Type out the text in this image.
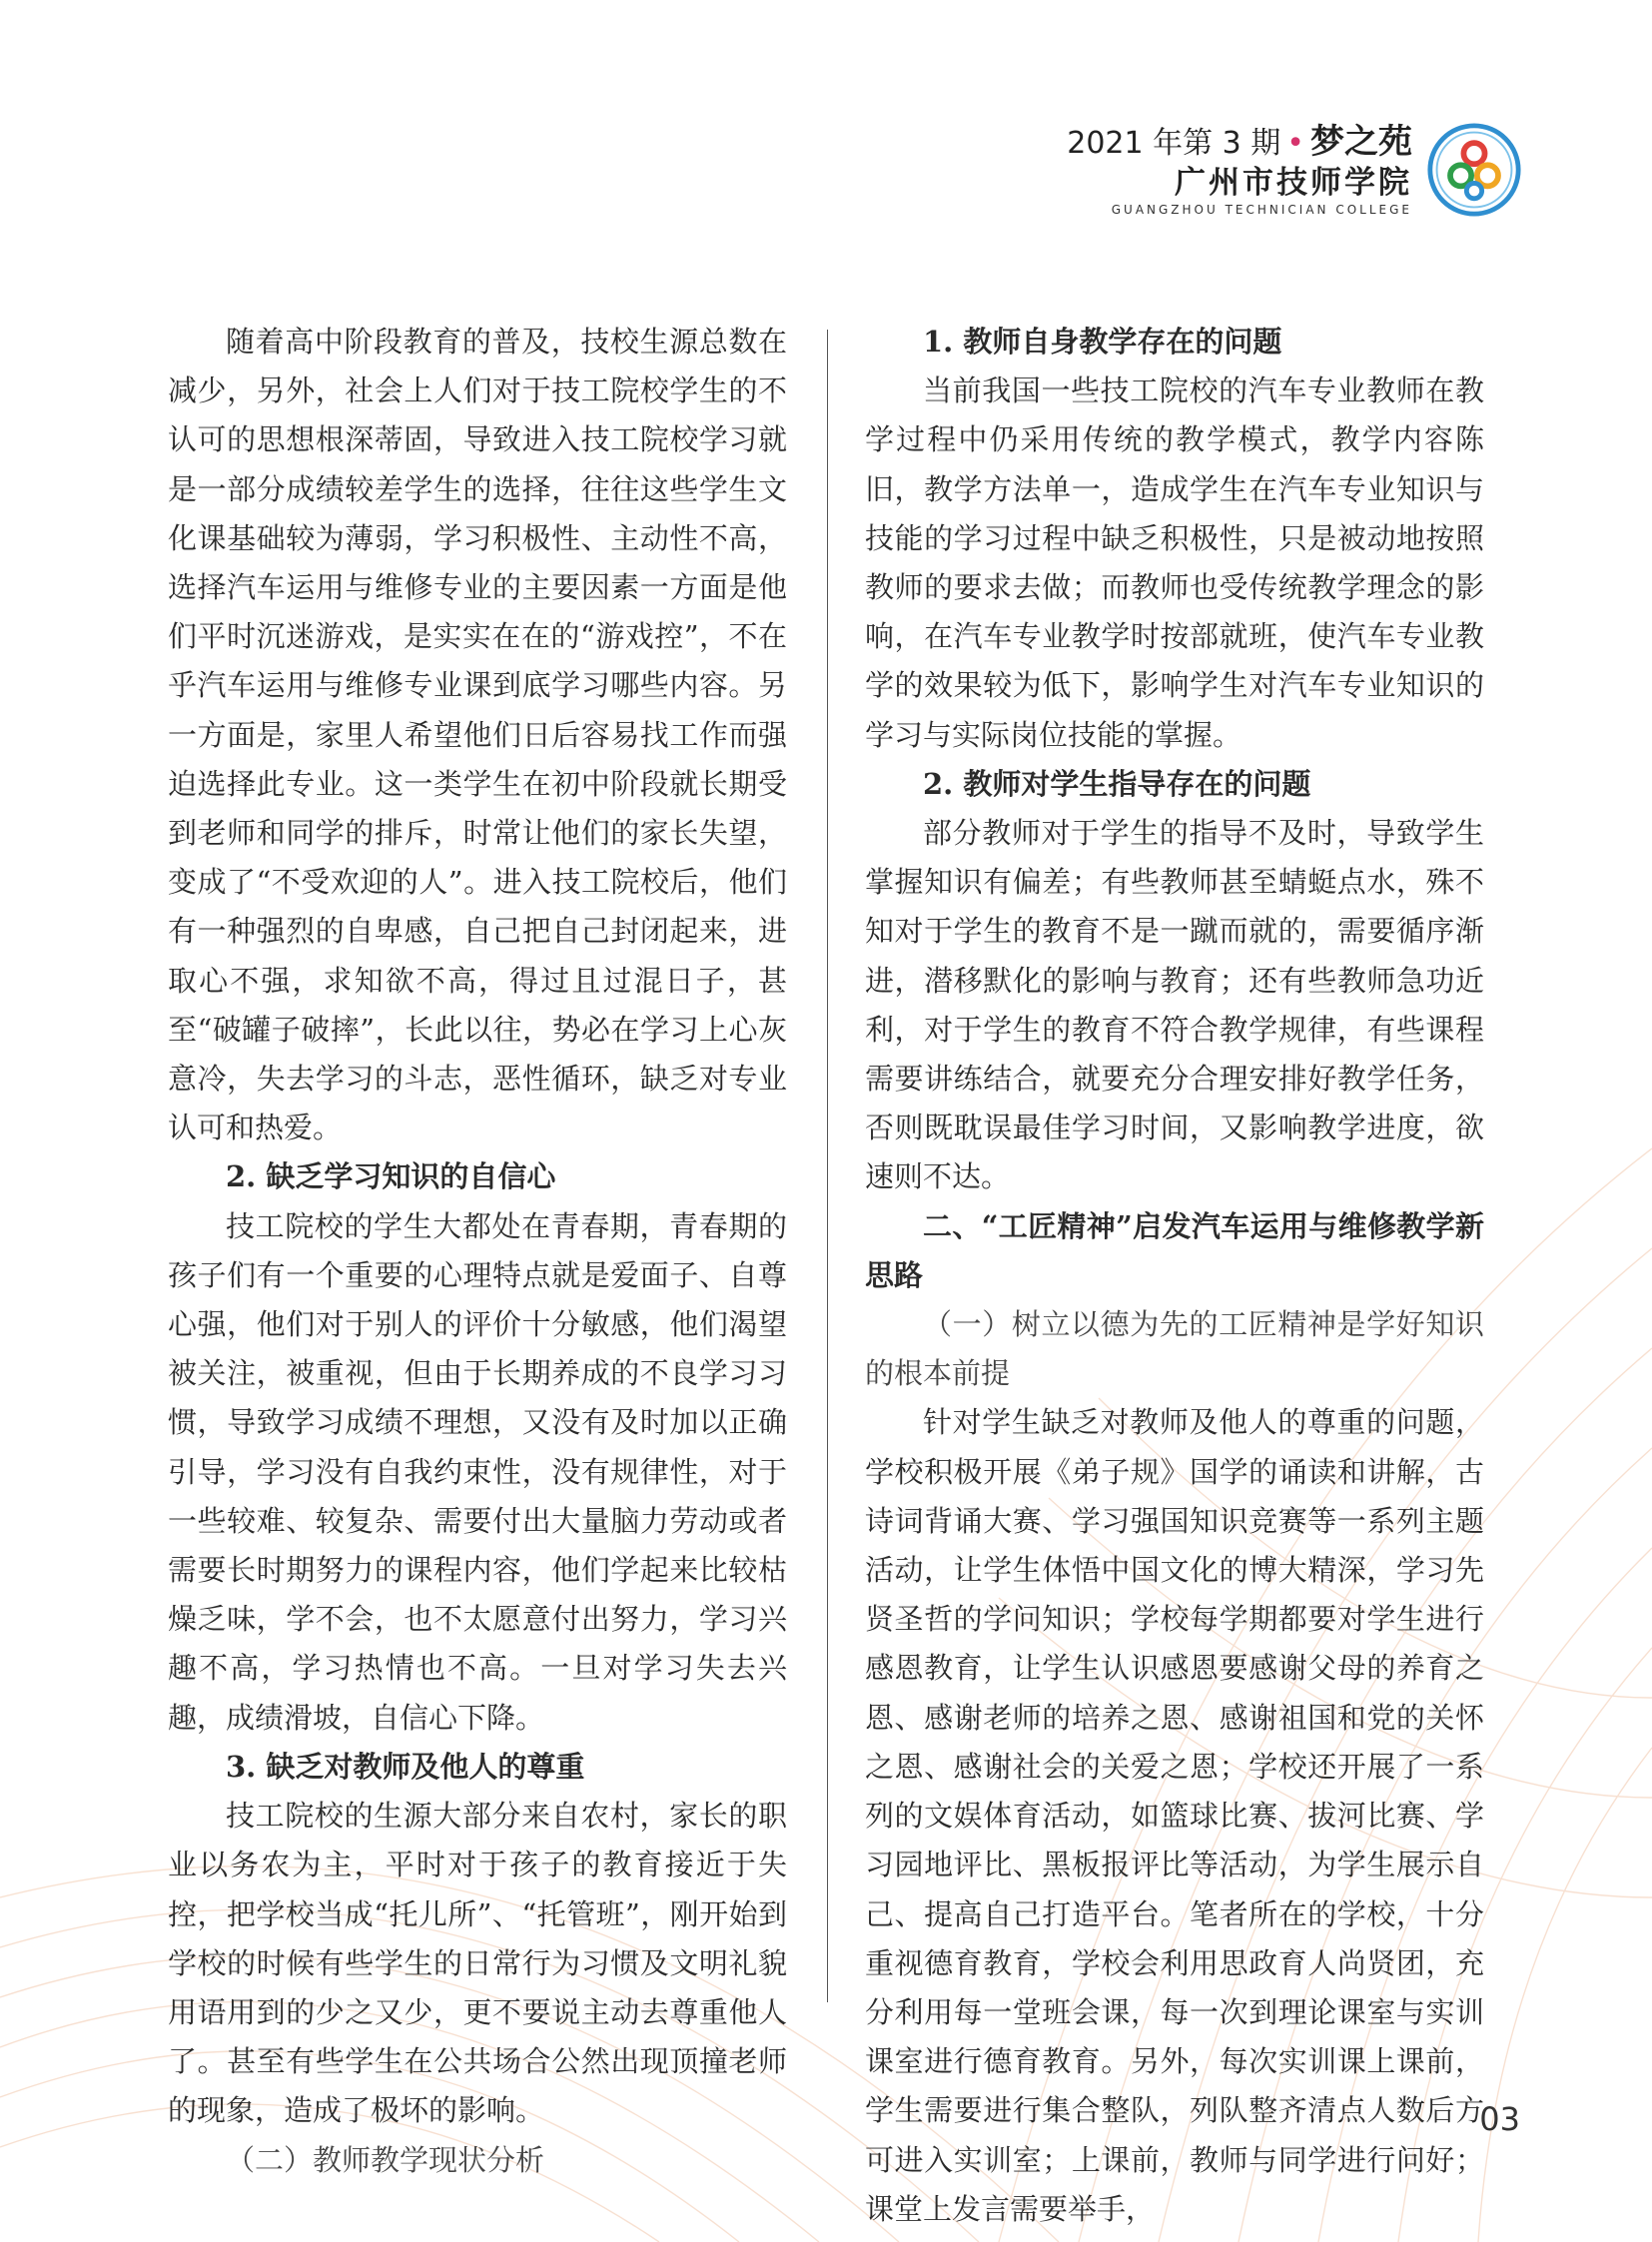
2021 年第 3 期 • 梦之苑
广州市技师学院
GUANGZHOU TECHNICIAN COLLEGE

随着高中阶段教育的普及，技校生源总数在减少，另外，社会上人们对于技工院校学生的不认可的思想根深蒂固，导致进入技工院校学习就是一部分成绩较差学生的选择，往往这些学生文化课基础较为薄弱，学习积极性、主动性不高，选择汽车运用与维修专业的主要因素一方面是他们平时沉迷游戏，是实实在在的“游戏控”，不在乎汽车运用与维修专业课到底学习哪些内容。另一方面是，家里人希望他们日后容易找工作而强迫选择此专业。这一类学生在初中阶段就长期受到老师和同学的排斥，时常让他们的家长失望，变成了“不受欢迎的人”。进入技工院校后，他们有一种强烈的自卑感，自己把自己封闭起来，进取心不强，求知欲不高，得过且过混日子，甚至“破罐子破摔”，长此以往，势必在学习上心灰意冷，失去学习的斗志，恶性循环，缺乏对专业认可和热爱。

2. 缺乏学习知识的自信心

技工院校的学生大都处在青春期，青春期的孩子们有一个重要的心理特点就是爱面子、自尊心强，他们对于别人的评价十分敏感，他们渴望被关注，被重视，但由于长期养成的不良学习习惯，导致学习成绩不理想，又没有及时加以正确引导，学习没有自我约束性，没有规律性，对于一些较难、较复杂、需要付出大量脑力劳动或者需要长时期努力的课程内容，他们学起来比较枯燥乏味，学不会，也不太愿意付出努力，学习兴趣不高，学习热情也不高。一旦对学习失去兴趣，成绩滑坡，自信心下降。

3. 缺乏对教师及他人的尊重

技工院校的生源大部分来自农村，家长的职业以务农为主，平时对于孩子的教育接近于失控，把学校当成“托儿所”、“托管班”，刚开始到学校的时候有些学生的日常行为习惯及文明礼貌用语用到的少之又少，更不要说主动去尊重他人了。甚至有些学生在公共场合公然出现顶撞老师的现象，造成了极坏的影响。

（二）教师教学现状分析

1. 教师自身教学存在的问题

当前我国一些技工院校的汽车专业教师在教学过程中仍采用传统的教学模式，教学内容陈旧，教学方法单一，造成学生在汽车专业知识与技能的学习过程中缺乏积极性，只是被动地按照教师的要求去做；而教师也受传统教学理念的影响，在汽车专业教学时按部就班，使汽车专业教学的效果较为低下，影响学生对汽车专业知识的学习与实际岗位技能的掌握。

2. 教师对学生指导存在的问题

部分教师对于学生的指导不及时，导致学生掌握知识有偏差；有些教师甚至蜻蜓点水，殊不知对于学生的教育不是一蹴而就的，需要循序渐进，潜移默化的影响与教育；还有些教师急功近利，对于学生的教育不符合教学规律，有些课程需要讲练结合，就要充分合理安排好教学任务，否则既耽误最佳学习时间，又影响教学进度，欲速则不达。

二、“工匠精神”启发汽车运用与维修教学新思路

（一）树立以德为先的工匠精神是学好知识的根本前提

针对学生缺乏对教师及他人的尊重的问题，学校积极开展《弟子规》国学的诵读和讲解，古诗词背诵大赛、学习强国知识竞赛等一系列主题活动，让学生体悟中国文化的博大精深，学习先贤圣哲的学问知识；学校每学期都要对学生进行感恩教育，让学生认识感恩要感谢父母的养育之恩、感谢老师的培养之恩、感谢祖国和党的关怀之恩、感谢社会的关爱之恩；学校还开展了一系列的文娱体育活动，如篮球比赛、拔河比赛、学习园地评比、黑板报评比等活动，为学生展示自己、提高自己打造平台。笔者所在的学校，十分重视德育教育，学校会利用思政育人尚贤团，充分利用每一堂班会课，每一次到理论课室与实训课室进行德育教育。另外，每次实训课上课前，学生需要进行集合整队，列队整齐清点人数后方可进入实训室；上课前，教师与同学进行问好；课堂上发言需要举手，

03
